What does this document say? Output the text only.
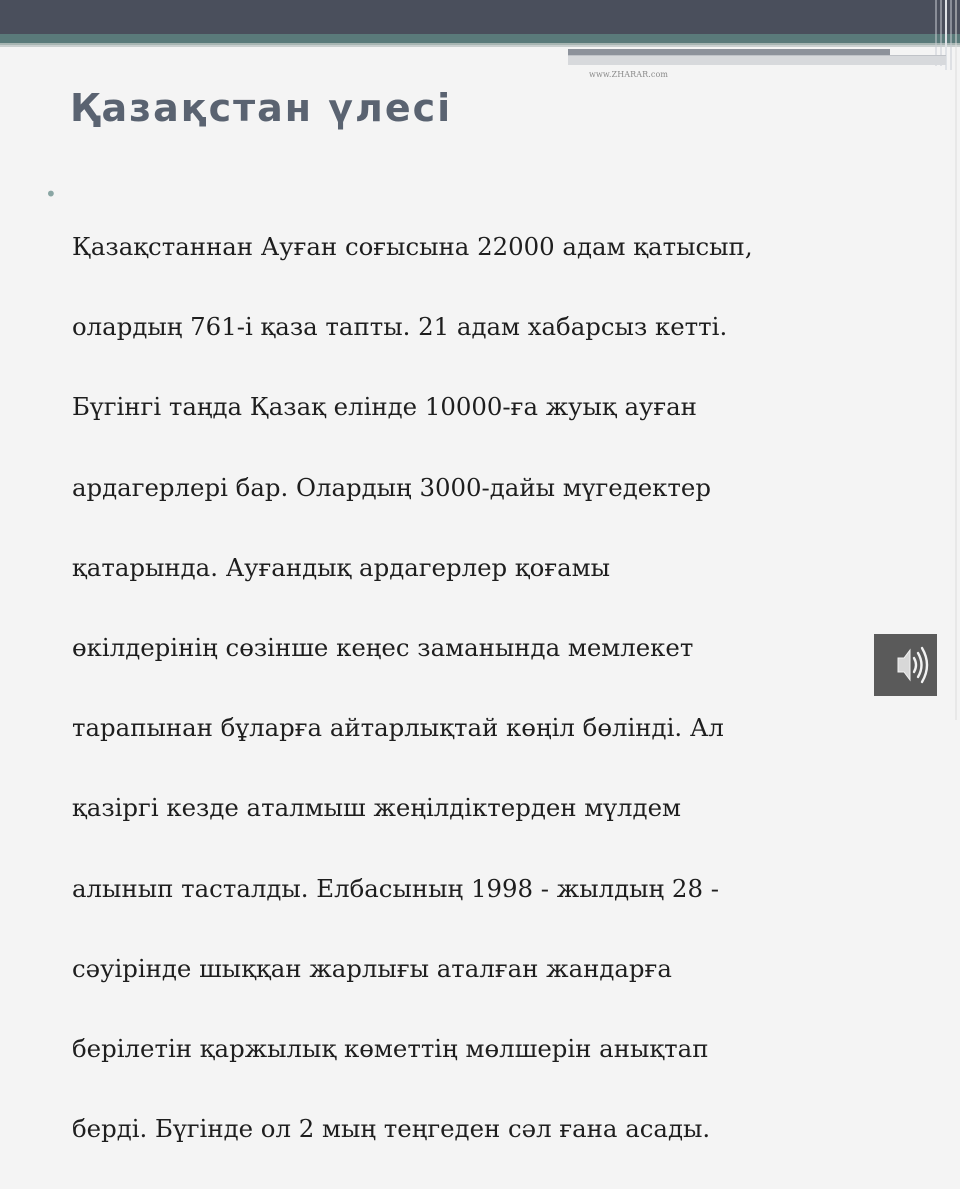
www.ZHARAR.com
Қазақстан үлесі
•

Қазақстаннан Ауған соғысына 22000 адам қатысып,

олардың 761-і қаза тапты. 21 адам хабарсыз кетті.

Бүгінгі таңда Қазақ елінде 10000-ға жуық ауған

ардагерлері бар. Олардың 3000-дайы мүгедектер

қатарында. Ауғандық ардагерлер қоғамы

өкілдерінің сөзінше кеңес заманында мемлекет

тарапынан бұларға айтарлықтай көңіл бөлінді. Ал

қазіргі кезде аталмыш жеңілдіктерден мүлдем

алынып тасталды. Елбасының 1998 - жылдың 28 -

сәуірінде шыққан жарлығы аталған жандарға

берілетін қаржылық көметтің мөлшерін анықтап

берді. Бүгінде ол 2 мың теңгеден сәл ғана асады.
